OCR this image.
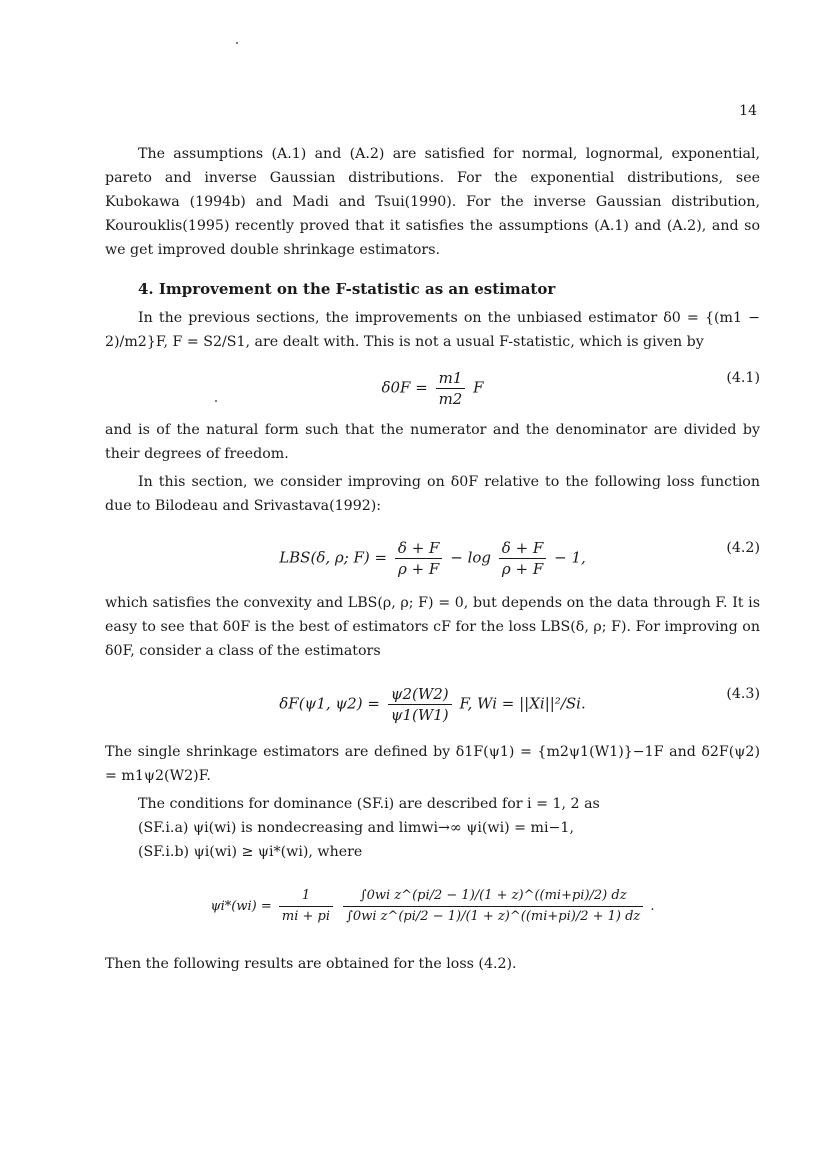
14

The assumptions (A.1) and (A.2) are satisfied for normal, lognormal, exponential, pareto and inverse Gaussian distributions. For the exponential distributions, see Kubokawa (1994b) and Madi and Tsui(1990). For the inverse Gaussian distribution, Kourouklis(1995) recently proved that it satisfies the assumptions (A.1) and (A.2), and so we get improved double shrinkage estimators.

4. Improvement on the F-statistic as an estimator

In the previous sections, the improvements on the unbiased estimator δ0 = {(m1 − 2)/m2}F, F = S2/S1, are dealt with. This is not a usual F-statistic, which is given by

$\delta 0F = \frac{m1}{m2}$ F
(4.1)

and is of the natural form such that the numerator and the denominator are divided by their degrees of freedom.

In this section, we consider improving on δ0F relative to the following loss function due to Bilodeau and Srivastava(1992):

LBS(δ, ρ; $F) = \frac{\delta + F}{\rho + F} - \log \frac{\delta + F}{\rho + F} - 1$,
(4.2)

which satisfies the convexity and LBS(ρ, ρ; F) = 0, but depends on the data through F. It is easy to see that δ0F is the best of estimators cF for the loss LBS(δ, ρ; F). For improving on δ0F, consider a class of the estimators

δF(ψ1, $\psi 2) = \frac{\psi 2(W2)}{\psi 1(W1)} F$, Wi = ||Xi||²/Si.
(4.3)

The single shrinkage estimators are defined by δ1F(ψ1) = {m2ψ1(W1)}−1F and δ2F(ψ2) = m1ψ2(W2)F.

The conditions for dominance (SF.i) are described for i = 1, 2 as
(SF.i.a) ψi(wi) is nondecreasing and limwi→∞ ψi(wi) = mi−1,
(SF.i.b) ψi(wi) ≥ ψi*(wi), where
$\psi i*(wi) = \frac{1}{mi + pi}$
$\frac{\text{∫0wi z\textasciicircum{}(pi/2 − 1)/(1 + z)\textasciicircum{}((mi+pi)/2) dz}}{\text{∫0wi z\textasciicircum{}(pi/2 − 1)/(1 + z)\textasciicircum{}((mi+pi)/2 + 1) dz}}$ .

Then the following results are obtained for the loss (4.2).
